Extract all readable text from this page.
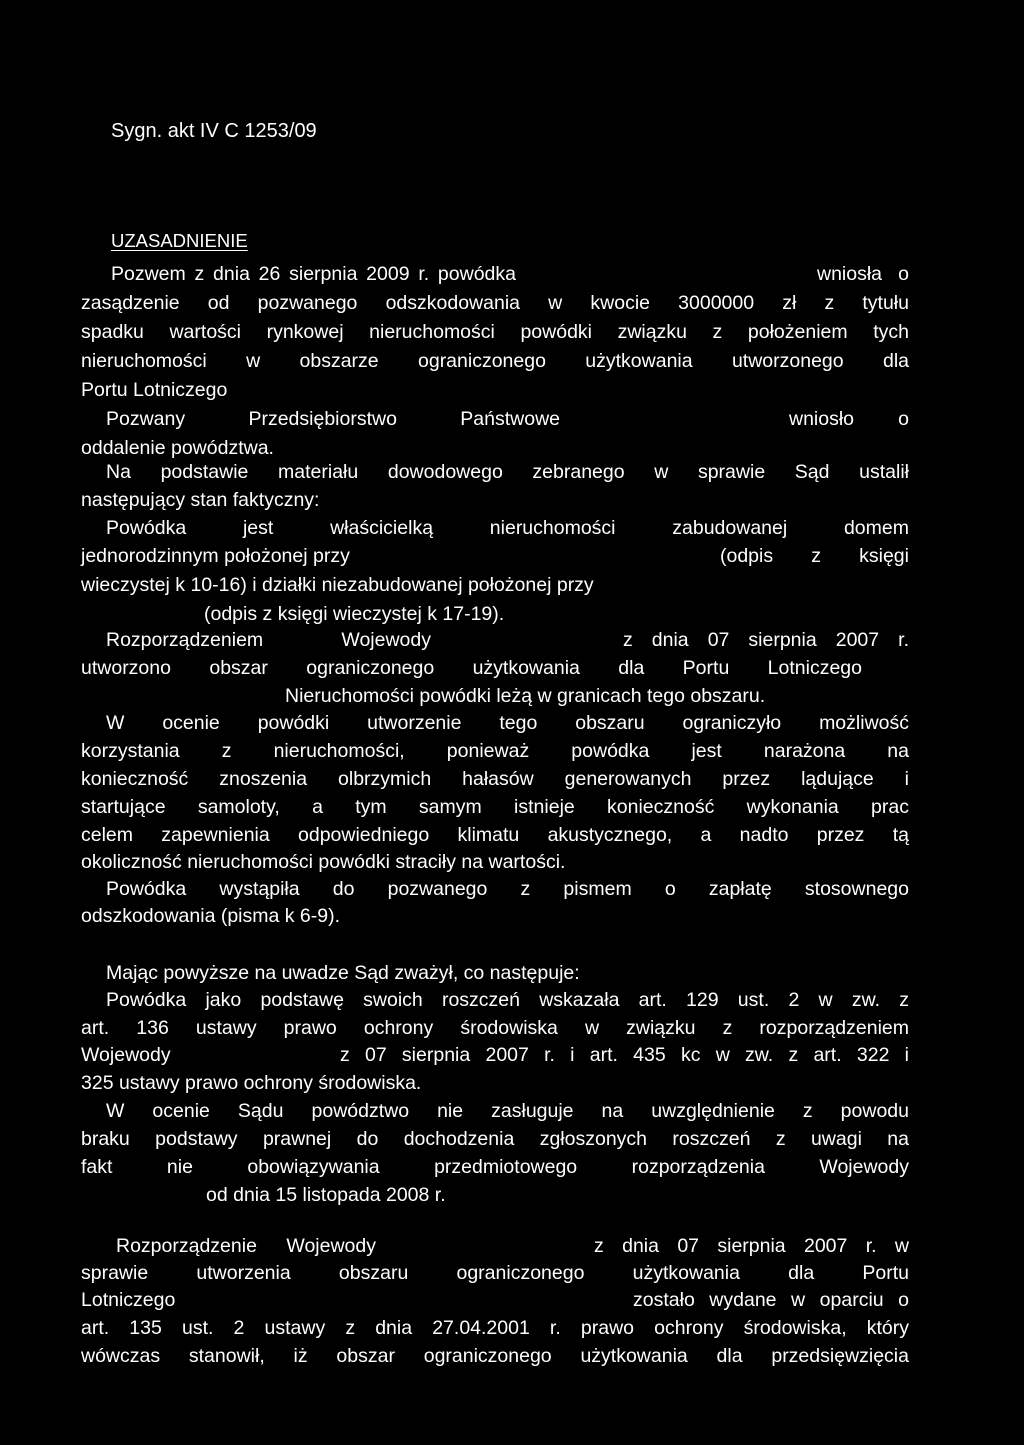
Sygn. akt IV C 1253/09

UZASADNIENIE

Pozwem z dnia 26 sierpnia 2009 r. powódka	wniosła o

zasądzenie od pozwanego odszkodowania w kwocie 3000000 zł z tytułu

spadku wartości rynkowej nieruchomości powódki związku z położeniem tych

nieruchomości w obszarze ograniczonego użytkowania utworzonego dla

Portu Lotniczego

Pozwany Przedsiębiorstwo Państwowe	wniosło o

oddalenie powództwa.

Na podstawie materiału dowodowego zebranego w sprawie Sąd ustalił

następujący stan faktyczny:

Powódka jest właścicielką nieruchomości zabudowanej domem

jednorodzinnym położonej przy	(odpis z księgi

wieczystej k 10-16) i działki niezabudowanej położonej przy

(odpis z księgi wieczystej k 17-19).

Rozporządzeniem Wojewody	z dnia 07 sierpnia 2007 r.

utworzono obszar ograniczonego użytkowania dla Portu Lotniczego

Nieruchomości powódki leżą w granicach tego obszaru.

W ocenie powódki utworzenie tego obszaru ograniczyło możliwość

korzystania z nieruchomości, ponieważ powódka jest narażona na

konieczność znoszenia olbrzymich hałasów generowanych przez lądujące i

startujące samoloty, a tym samym istnieje konieczność wykonania prac

celem zapewnienia odpowiedniego klimatu akustycznego, a nadto przez tą

okoliczność nieruchomości powódki straciły na wartości.

Powódka wystąpiła do pozwanego z pismem o zapłatę stosownego

odszkodowania (pisma k 6-9).

Mając powyższe na uwadze Sąd zważył, co następuje:

Powódka jako podstawę swoich roszczeń wskazała art. 129 ust. 2 w zw. z

art. 136 ustawy prawo ochrony środowiska w związku z rozporządzeniem

Wojewody	z 07 sierpnia 2007 r. i art. 435 kc w zw. z art. 322 i

325 ustawy prawo ochrony środowiska.

W ocenie Sądu powództwo nie zasługuje na uwzględnienie z powodu

braku podstawy prawnej do dochodzenia zgłoszonych roszczeń z uwagi na

fakt nie obowiązywania przedmiotowego rozporządzenia Wojewody

od dnia 15 listopada 2008 r.

Rozporządzenie Wojewody	z dnia 07 sierpnia 2007 r. w

sprawie utworzenia obszaru ograniczonego użytkowania dla Portu

Lotniczego	zostało wydane w oparciu o

art. 135 ust. 2 ustawy z dnia 27.04.2001 r. prawo ochrony środowiska, który

wówczas stanowił, iż obszar ograniczonego użytkowania dla przedsięwzięcia
